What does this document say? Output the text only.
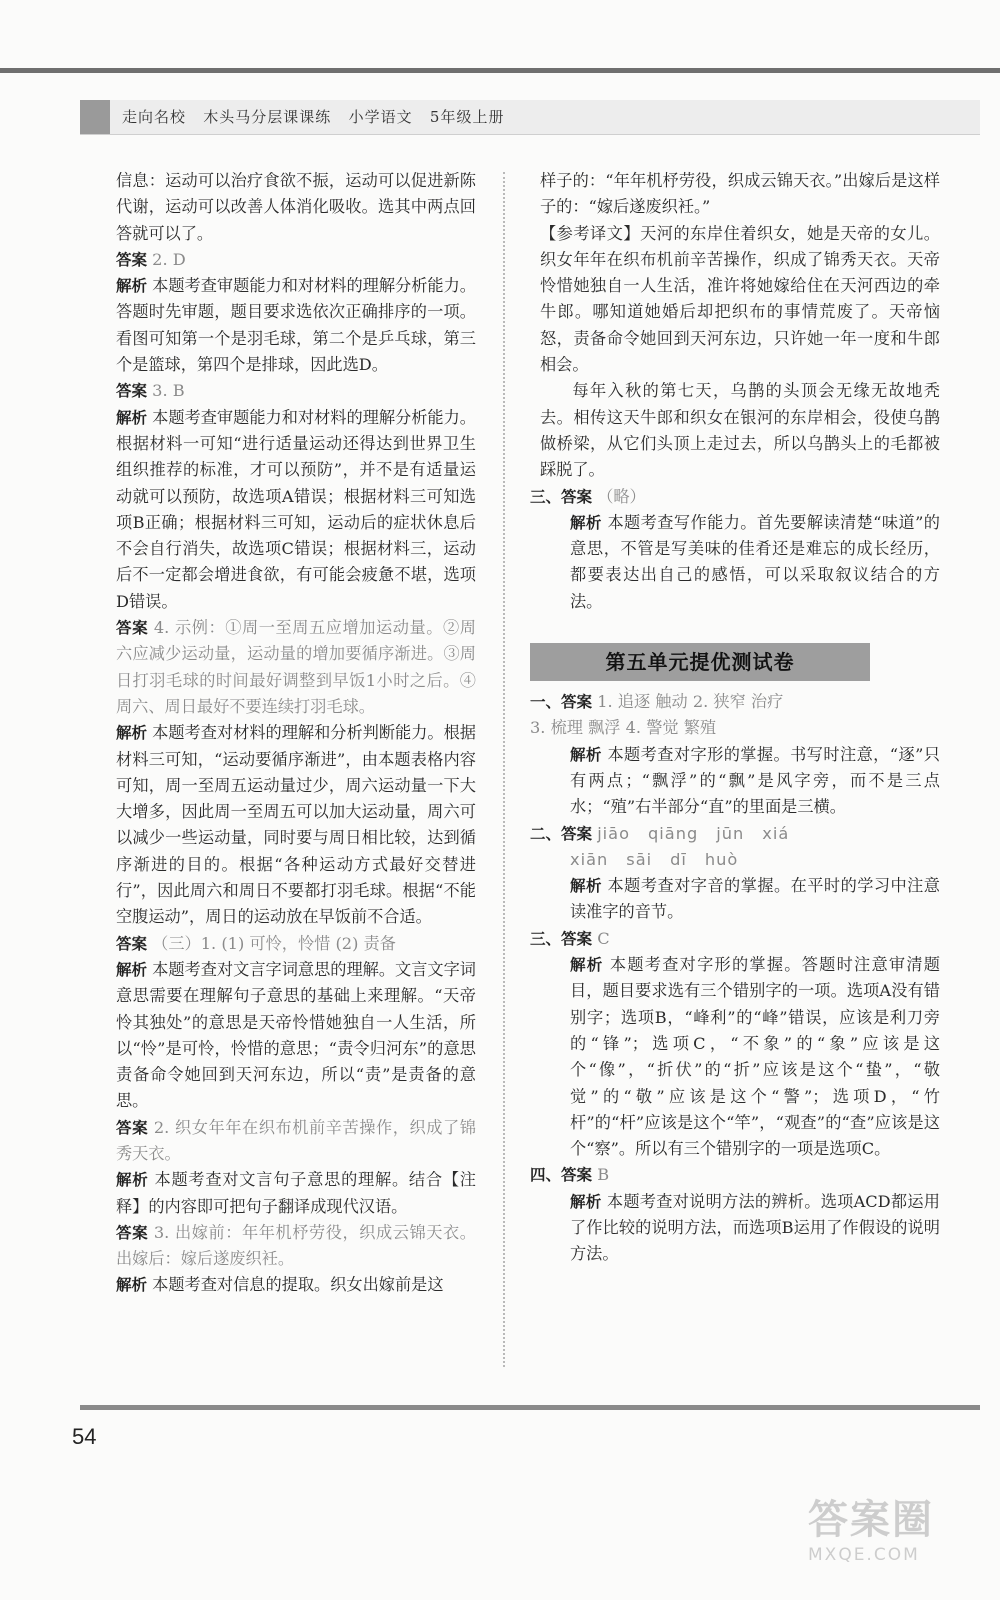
走向名校   木头马分层课课练   小学语文   5年级上册

信息：运动可以治疗食欲不振，运动可以促进新陈代谢，运动可以改善人体消化吸收。选其中两点回答就可以了。

答案 2. D

解析 本题考查审题能力和对材料的理解分析能力。答题时先审题，题目要求选依次正确排序的一项。看图可知第一个是羽毛球，第二个是乒乓球，第三个是篮球，第四个是排球，因此选D。

答案 3. B

解析 本题考查审题能力和对材料的理解分析能力。根据材料一可知“进行适量运动还得达到世界卫生组织推荐的标准，才可以预防”，并不是有适量运动就可以预防，故选项A错误；根据材料三可知选项B正确；根据材料三可知，运动后的症状休息后不会自行消失，故选项C错误；根据材料三，运动后不一定都会增进食欲，有可能会疲惫不堪，选项D错误。

答案 4. 示例：①周一至周五应增加运动量。②周六应减少运动量，运动量的增加要循序渐进。③周日打羽毛球的时间最好调整到早饭1小时之后。④周六、周日最好不要连续打羽毛球。

解析 本题考查对材料的理解和分析判断能力。根据材料三可知，“运动要循序渐进”，由本题表格内容可知，周一至周五运动量过少，周六运动量一下大大增多，因此周一至周五可以加大运动量，周六可以减少一些运动量，同时要与周日相比较，达到循序渐进的目的。根据“各种运动方式最好交替进行”，因此周六和周日不要都打羽毛球。根据“不能空腹运动”，周日的运动放在早饭前不合适。

答案 （三）1. (1) 可怜，怜惜 (2) 责备

解析 本题考查对文言字词意思的理解。文言文字词意思需要在理解句子意思的基础上来理解。“天帝怜其独处”的意思是天帝怜惜她独自一人生活，所以“怜”是可怜，怜惜的意思；“责令归河东”的意思责备命令她回到天河东边，所以“责”是责备的意思。

答案 2. 织女年年在织布机前辛苦操作，织成了锦秀天衣。

解析 本题考查对文言句子意思的理解。结合【注释】的内容即可把句子翻译成现代汉语。

答案 3. 出嫁前：年年机杼劳役，织成云锦天衣。出嫁后：嫁后遂废织衽。

解析 本题考查对信息的提取。织女出嫁前是这

样子的：“年年机杼劳役，织成云锦天衣。”出嫁后是这样子的：“嫁后遂废织衽。”

【参考译文】天河的东岸住着织女，她是天帝的女儿。织女年年在织布机前辛苦操作，织成了锦秀天衣。天帝怜惜她独自一人生活，准许将她嫁给住在天河西边的牵牛郎。哪知道她婚后却把织布的事情荒废了。天帝恼怒，责备命令她回到天河东边，只许她一年一度和牛郎相会。

每年入秋的第七天，乌鹊的头顶会无缘无故地秃去。相传这天牛郎和织女在银河的东岸相会，役使乌鹊做桥梁，从它们头顶上走过去，所以乌鹊头上的毛都被踩脱了。

三、答案 （略）

解析 本题考查写作能力。首先要解读清楚“味道”的意思，不管是写美味的佳肴还是难忘的成长经历，都要表达出自己的感悟，可以采取叙议结合的方法。

第五单元提优测试卷

一、答案 1. 追逐 触动 2. 狭窄 治疗
3. 梳理 飘浮 4. 警觉 繁殖

解析 本题考查对字形的掌握。书写时注意，“逐”只有两点；“飘浮”的“飘”是风字旁，而不是三点水；“殖”右半部分“直”的里面是三横。

二、答案 jiāo qiāng jūn xiá

xiān sāi dī huò

解析 本题考查对字音的掌握。在平时的学习中注意读准字的音节。

三、答案 C

解析 本题考查对字形的掌握。答题时注意审清题目，题目要求选有三个错别字的一项。选项A没有错别字；选项B，“峰利”的“峰”错误，应该是利刀旁的“锋”；选项C，“不象”的“象”应该是这个“像”，“折伏”的“折”应该是这个“蛰”，“敬觉”的“敬”应该是这个“警”；选项D，“竹杆”的“杆”应该是这个“竿”，“观查”的“查”应该是这个“察”。所以有三个错别字的一项是选项C。

四、答案 B

解析 本题考查对说明方法的辨析。选项ACD都运用了作比较的说明方法，而选项B运用了作假设的说明方法。

54
答案圈
MXQE.COM
